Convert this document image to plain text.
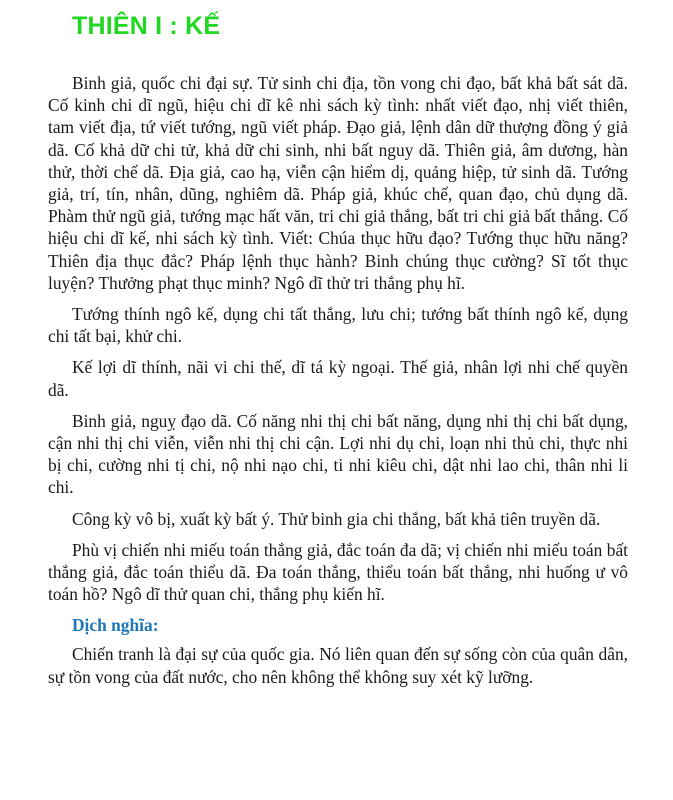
THIÊN I : KẾ

Binh giả, quốc chi đại sự. Tử sinh chi địa, tồn vong chi đạo, bất khả bất sát dã. Cố kinh chi dĩ ngũ, hiệu chi dĩ kê nhi sách kỳ tình: nhất viết đạo, nhị viết thiên, tam viết địa, tứ viết tướng, ngũ viết pháp. Đạo giả, lệnh dân dữ thượng đồng ý giả dã. Cố khả dữ chi tử, khả dữ chi sinh, nhi bất nguy dã. Thiên giả, âm dương, hàn thử, thời chế dã. Địa giả, cao hạ, viễn cận hiểm dị, quảng hiệp, tử sinh dã. Tướng giả, trí, tín, nhân, dũng, nghiêm dã. Pháp giả, khúc chế, quan đạo, chủ dụng dã. Phàm thử ngũ giả, tướng mạc hất văn, tri chi giả thắng, bất tri chi giả bất thắng. Cố hiệu chi dĩ kế, nhi sách kỳ tình. Viết: Chúa thục hữu đạo? Tướng thục hữu năng? Thiên địa thục đắc? Pháp lệnh thục hành? Binh chúng thục cường? Sĩ tốt thục luyện? Thưởng phạt thục minh? Ngô dĩ thử tri thắng phụ hĩ.

Tướng thính ngô kế, dụng chi tất thắng, lưu chi; tướng bất thính ngô kế, dụng chi tất bại, khử chi.

Kế lợi dĩ thính, nãi vi chi thế, dĩ tá kỳ ngoại. Thế giả, nhân lợi nhi chế quyền dã.

Binh giả, nguỵ đạo dã. Cố năng nhi thị chi bất năng, dụng nhi thị chi bất dụng, cận nhi thị chi viễn, viễn nhi thị chi cận. Lợi nhi dụ chi, loạn nhi thủ chi, thực nhi bị chi, cường nhi tị chi, nộ nhi nạo chi, ti nhi kiêu chi, dật nhi lao chi, thân nhi li chi.

Công kỳ vô bị, xuất kỳ bất ý. Thử binh gia chi thắng, bất khả tiên truyền dã.

Phù vị chiến nhi miếu toán thắng giả, đắc toán đa dã; vị chiến nhi miếu toán bất thắng giả, đắc toán thiểu dã. Đa toán thắng, thiểu toán bất thắng, nhi huống ư vô toán hồ? Ngô dĩ thử quan chi, thắng phụ kiến hĩ.

Dịch nghĩa:

Chiến tranh là đại sự của quốc gia. Nó liên quan đến sự sống còn của quân dân, sự tồn vong của đất nước, cho nên không thể không suy xét kỹ lưỡng.
